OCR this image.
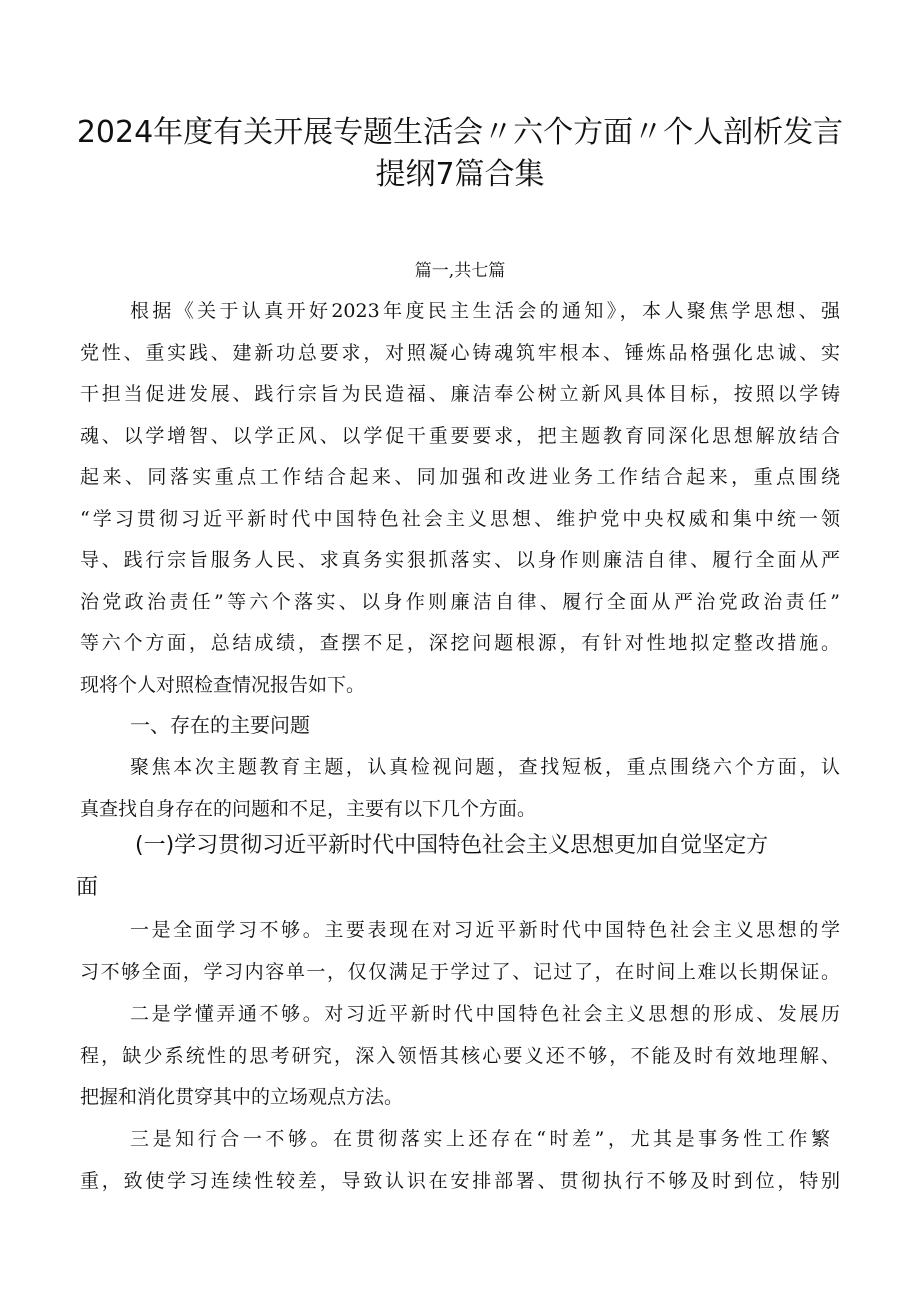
2024年度有关开展专题生活会〃六个方面〃个人剖析发言
提纲7篇合集
篇一,共七篇
根据《关于认真开好2023年度民主生活会的通知》，本人聚焦学思想、强
党性、重实践、建新功总要求，对照凝心铸魂筑牢根本、锤炼品格强化忠诚、实
干担当促进发展、践行宗旨为民造福、廉洁奉公树立新风具体目标，按照以学铸
魂、以学增智、以学正风、以学促干重要要求，把主题教育同深化思想解放结合
起来、同落实重点工作结合起来、同加强和改进业务工作结合起来，重点围绕
“学习贯彻习近平新时代中国特色社会主义思想、维护党中央权威和集中统一领
导、践行宗旨服务人民、求真务实狠抓落实、以身作则廉洁自律、履行全面从严
治党政治责任”等六个落实、以身作则廉洁自律、履行全面从严治党政治责任”
等六个方面，总结成绩，查摆不足，深挖问题根源，有针对性地拟定整改措施。
现将个人对照检查情况报告如下。
一、存在的主要问题
聚焦本次主题教育主题，认真检视问题，查找短板，重点围绕六个方面，认
真查找自身存在的问题和不足，主要有以下几个方面。
(一)学习贯彻习近平新时代中国特色社会主义思想更加自觉坚定方
面
一是全面学习不够。主要表现在对习近平新时代中国特色社会主义思想的学
习不够全面，学习内容单一，仅仅满足于学过了、记过了，在时间上难以长期保证。
二是学懂弄通不够。对习近平新时代中国特色社会主义思想的形成、发展历
程，缺少系统性的思考研究，深入领悟其核心要义还不够，不能及时有效地理解、
把握和消化贯穿其中的立场观点方法。
三是知行合一不够。在贯彻落实上还存在“时差”，尤其是事务性工作繁
重，致使学习连续性较差，导致认识在安排部署、贯彻执行不够及时到位，特别
